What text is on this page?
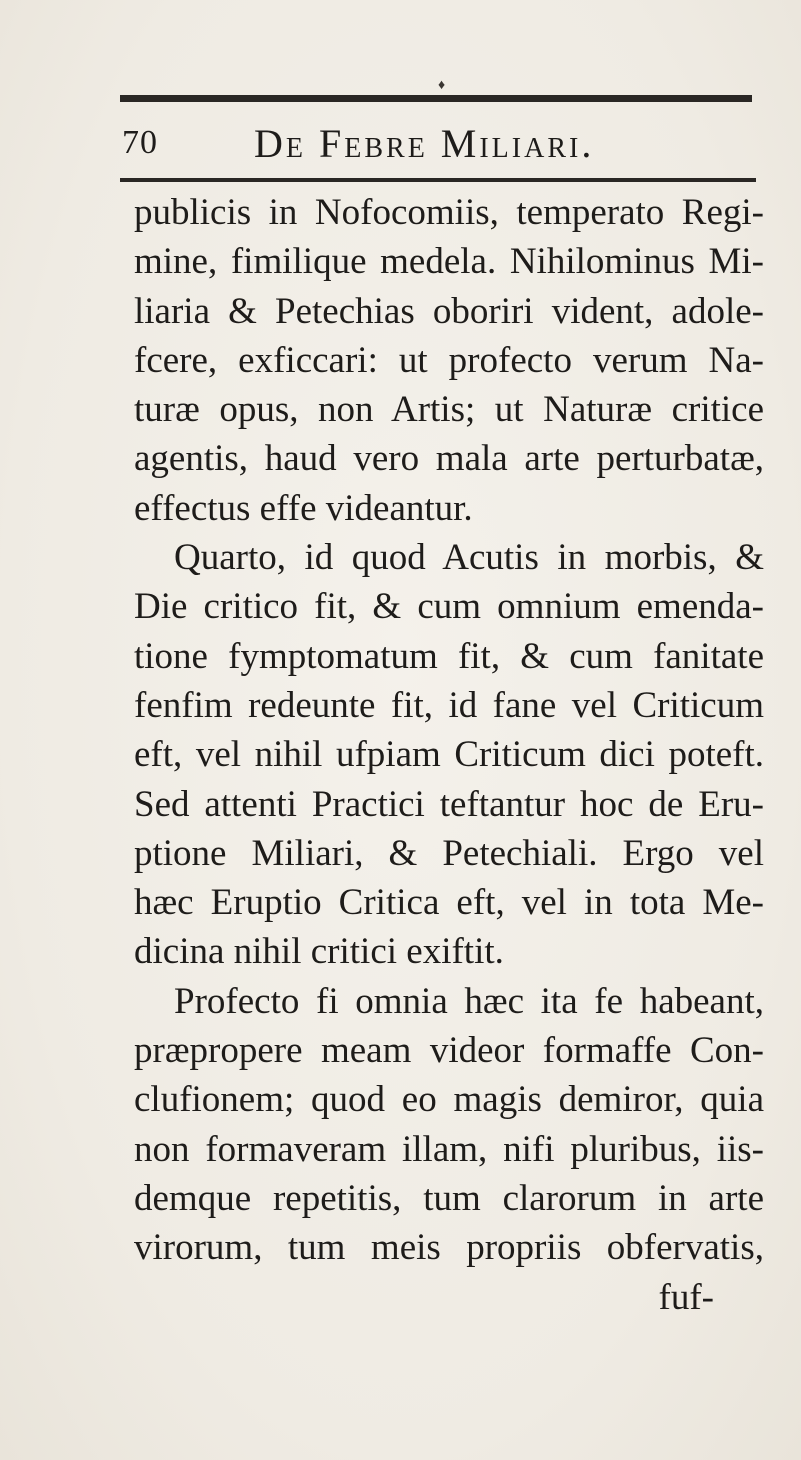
♦
70 De Febre Miliari.
publicis in Nofocomiis, temperato Regi-
mine, fimilique medela. Nihilominus Mi-
liaria & Petechias oboriri vident, adole-
fcere, exficcari: ut profecto verum Na-
turæ opus, non Artis; ut Naturæ critice
agentis, haud vero mala arte perturbatæ,
effectus effe videantur.
Quarto, id quod Acutis in morbis, &
Die critico fit, & cum omnium emenda-
tione fymptomatum fit, & cum fanitate
fenfim redeunte fit, id fane vel Criticum
eft, vel nihil ufpiam Criticum dici poteft.
Sed attenti Practici teftantur hoc de Eru-
ptione Miliari, & Petechiali. Ergo vel
hæc Eruptio Critica eft, vel in tota Me-
dicina nihil critici exiftit.
Profecto fi omnia hæc ita fe habeant,
præpropere meam videor formaffe Con-
clufionem; quod eo magis demiror, quia
non formaveram illam, nifi pluribus, iis-
demque repetitis, tum clarorum in arte
virorum, tum meis propriis obfervatis,
fuf-
